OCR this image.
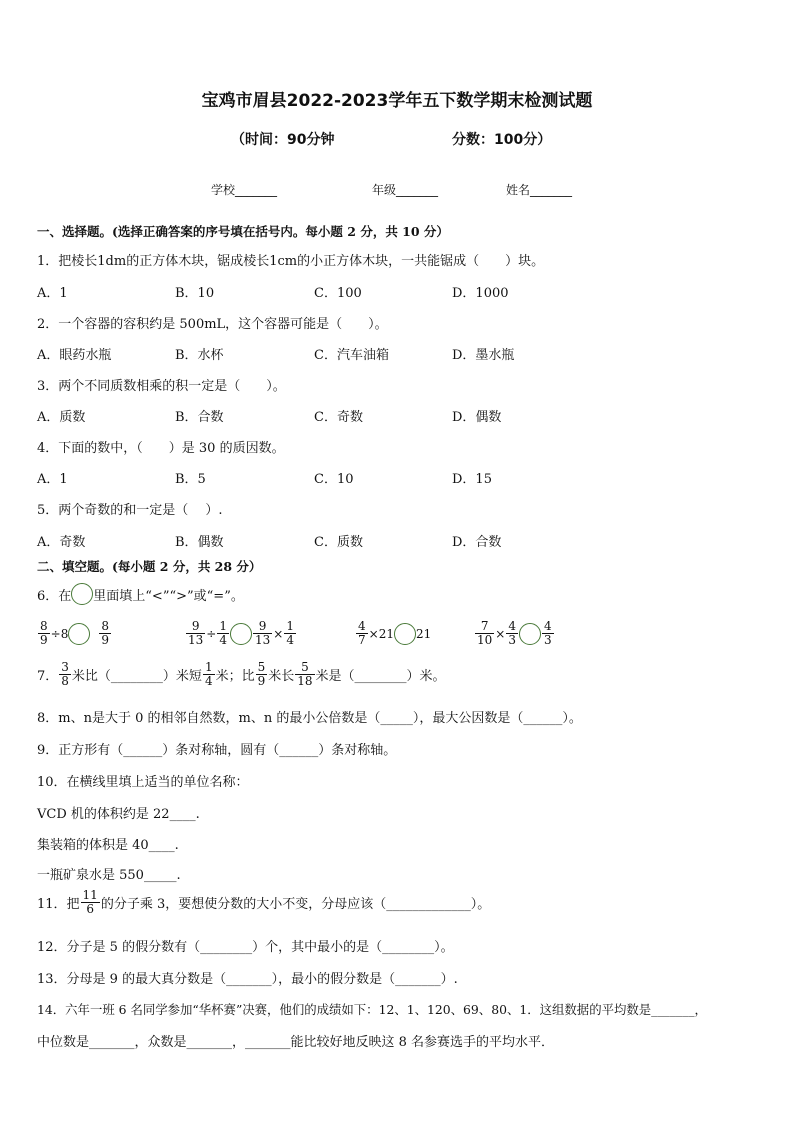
宝鸡市眉县2022-2023学年五下数学期末检测试题
（时间：90分钟	分数：100分）
学校_______	年级_______	姓名_______
一、选择题。(选择正确答案的序号填在括号内。每小题 2 分，共 10 分）
1．把棱长1dm的正方体木块，锯成棱长1cm的小正方体木块，一共能锯成（　　）块。
A．1	B．10	C．100	D．1000
2．一个容器的容积约是 500mL，这个容器可能是（　　）。
A．眼药水瓶	B．水杯	C．汽车油箱	D．墨水瓶
3．两个不同质数相乘的积一定是（　　）。
A．质数	B．合数	C．奇数	D．偶数
4．下面的数中，（　　）是 30 的质因数。
A．1	B．5	C．10	D．15
5．两个奇数的和一定是（　 ）.
A．奇数	B．偶数	C．质数	D．合数
二、填空题。(每小题 2 分，共 28 分）
6．在 里面填上“<”“>”或“=”。
$\frac{8}{9} \div 8$	$\frac{8}{9}$	$\frac{9}{13} \div \frac{1}{4} \frac{9}{13} \times \frac{1}{4}$	$\frac{4}{7} \times 21$ 21	$\frac{7}{10} \times \frac{4}{3} \frac{4}{3}$
7． $\frac{3}{8}$ 米比（________）米短 $\frac{1}{4}$ 米；比 $\frac{5}{9}$ 米长 $\frac{5}{18}$ 米是（________）米。
8．m、n是大于 0 的相邻自然数，m、n 的最小公倍数是（_____），最大公因数是（______）。
9．正方形有（______）条对称轴，圆有（______）条对称轴。
10．在横线里填上适当的单位名称：
VCD 机的体积约是 22____.
集装箱的体积是 40____.
一瓶矿泉水是 550_____.
11．把 $\frac{11}{6}$ 的分子乘 3，要想使分数的大小不变，分母应该（_____________）。
12．分子是 5 的假分数有（________）个，其中最小的是（________）。
13．分母是 9 的最大真分数是（_______），最小的假分数是（_______）.
14．六年一班 6 名同学参加“华杯赛”决赛，他们的成绩如下：12、1、120、69、80、1．这组数据的平均数是_______，
中位数是_______，众数是_______，_______能比较好地反映这 8 名参赛选手的平均水平．
